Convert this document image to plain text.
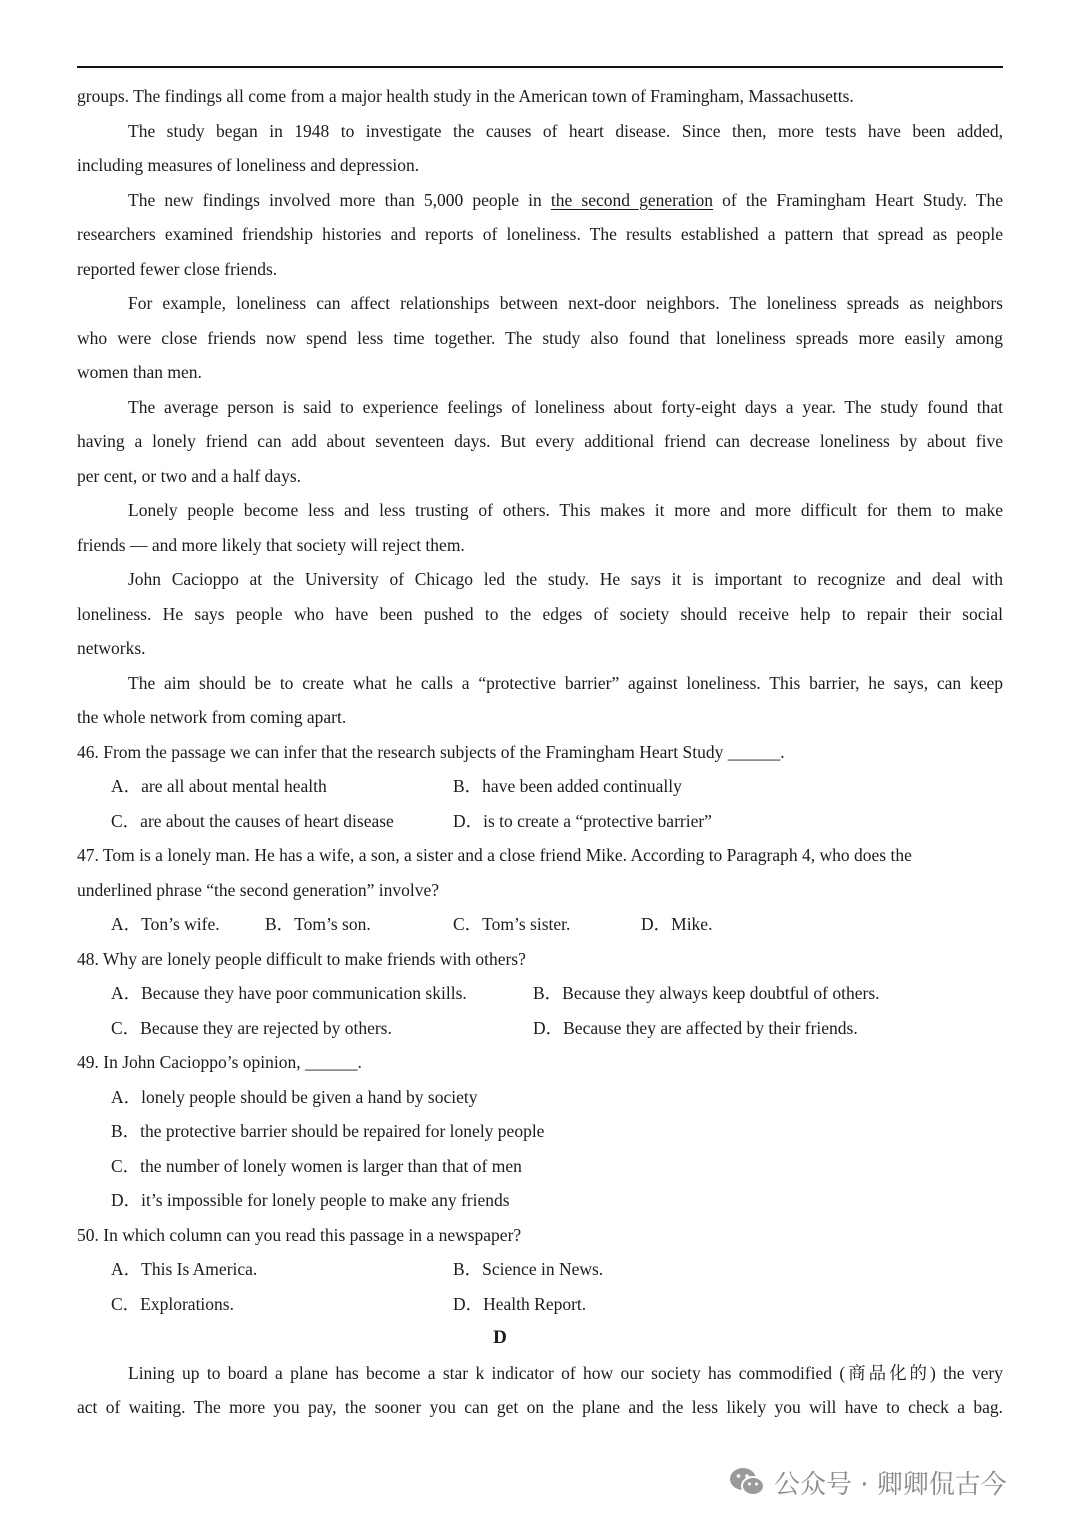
groups. The findings all come from a major health study in the American town of Framingham, Massachusetts.
The study began in 1948 to investigate the causes of heart disease. Since then, more tests have been added,
including measures of loneliness and depression.
The new findings involved more than 5,000 people in the second generation of the Framingham Heart Study. The
researchers examined friendship histories and reports of loneliness. The results established a pattern that spread as people
reported fewer close friends.
For example, loneliness can affect relationships between next-door neighbors. The loneliness spreads as neighbors
who were close friends now spend less time together. The study also found that loneliness spreads more easily among
women than men.
The average person is said to experience feelings of loneliness about forty-eight days a year. The study found that
having a lonely friend can add about seventeen days. But every additional friend can decrease loneliness by about five
per cent, or two and a half days.
Lonely people become less and less trusting of others. This makes it more and more difficult for them to make
friends — and more likely that society will reject them.
John Cacioppo at the University of Chicago led the study. He says it is important to recognize and deal with
loneliness. He says people who have been pushed to the edges of society should receive help to repair their social
networks.
The aim should be to create what he calls a “protective barrier” against loneliness. This barrier, he says, can keep
the whole network from coming apart.
46. From the passage we can infer that the research subjects of the Framingham Heart Study ______.
A．are all about mental health	B．have been added continually
C．are about the causes of heart disease	D．is to create a “protective barrier”
47. Tom is a lonely man. He has a wife, a son, a sister and a close friend Mike. According to Paragraph 4, who does the
underlined phrase “the second generation” involve?
A．Ton’s wife.	B．Tom’s son.	C．Tom’s sister.	D．Mike.
48. Why are lonely people difficult to make friends with others?
A．Because they have poor communication skills.	B．Because they always keep doubtful of others.
C．Because they are rejected by others.	D．Because they are affected by their friends.
49. In John Cacioppo’s opinion, ______.
A．lonely people should be given a hand by society
B．the protective barrier should be repaired for lonely people
C．the number of lonely women is larger than that of men
D．it’s impossible for lonely people to make any friends
50. In which column can you read this passage in a newspaper?
A．This Is America.	B．Science in News.
C．Explorations.	D．Health Report.
D
Lining up to board a plane has become a star k indicator of how our society has commodified (商品化的) the very
act of waiting. The more you pay, the sooner you can get on the plane and the less likely you will have to check a bag.
公众号 · 卿卿侃古今
